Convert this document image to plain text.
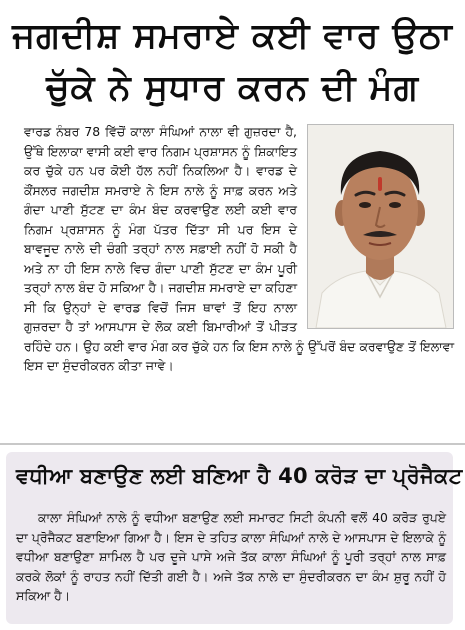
ਜਗਦੀਸ਼ ਸਮਰਾਏ ਕਈ ਵਾਰ ਉਠਾ
ਚੁੱਕੇ ਨੇ ਸੁਧਾਰ ਕਰਨ ਦੀ ਮੰਗ

ਵਾਰਡ ਨੰਬਰ 78 ਵਿੱਚੋਂ ਕਾਲਾ ਸੰਘਿਆਂ ਨਾਲਾ ਵੀ ਗੁਜ਼ਰਦਾ ਹੈ, ਉੱਥੇ ਇਲਾਕਾ ਵਾਸੀ ਕਈ ਵਾਰ ਨਿਗਮ ਪ੍ਰਸ਼ਾਸਨ ਨੂੰ ਸ਼ਿਕਾਇਤ ਕਰ ਚੁੱਕੇ ਹਨ ਪਰ ਕੋਈ ਹੱਲ ਨਹੀਂ ਨਿਕਲਿਆ ਹੈ। ਵਾਰਡ ਦੇ ਕੌਂਸਲਰ ਜਗਦੀਸ਼ ਸਮਰਾਏ ਨੇ ਇਸ ਨਾਲੇ ਨੂੰ ਸਾਫ਼ ਕਰਨ ਅਤੇ ਗੰਦਾ ਪਾਣੀ ਸੁੱਟਣ ਦਾ ਕੰਮ ਬੰਦ ਕਰਵਾਉਣ ਲਈ ਕਈ ਵਾਰ ਨਿਗਮ ਪ੍ਰਸ਼ਾਸਨ ਨੂੰ ਮੰਗ ਪੱਤਰ ਦਿੱਤਾ ਸੀ ਪਰ ਇਸ ਦੇ ਬਾਵਜੂਦ ਨਾਲੇ ਦੀ ਚੰਗੀ ਤਰ੍ਹਾਂ ਨਾਲ ਸਫ਼ਾਈ ਨਹੀਂ ਹੋ ਸਕੀ ਹੈ ਅਤੇ ਨਾ ਹੀ ਇਸ ਨਾਲੇ ਵਿਚ ਗੰਦਾ ਪਾਣੀ ਸੁੱਟਣ ਦਾ ਕੰਮ ਪੂਰੀ ਤਰ੍ਹਾਂ ਨਾਲ ਬੰਦ ਹੋ ਸਕਿਆ ਹੈ। ਜਗਦੀਸ਼ ਸਮਰਾਏ ਦਾ ਕਹਿਣਾ ਸੀ ਕਿ ਉਨ੍ਹਾਂ ਦੇ ਵਾਰਡ ਵਿਚੋਂ ਜਿਸ ਥਾਵਾਂ ਤੋਂ ਇਹ ਨਾਲਾ ਗੁਜ਼ਰਦਾ ਹੈ ਤਾਂ ਆਸਪਾਸ ਦੇ ਲੋਕ ਕਈ ਬਿਮਾਰੀਆਂ ਤੋਂ ਪੀੜਤ ਰਹਿੰਦੇ ਹਨ। ਉਹ ਕਈ ਵਾਰ ਮੰਗ ਕਰ ਚੁੱਕੇ ਹਨ ਕਿ ਇਸ ਨਾਲੇ ਨੂੰ ਉੱਪਰੋਂ ਬੰਦ ਕਰਵਾਉਣ ਤੋਂ ਇਲਾਵਾ ਇਸ ਦਾ ਸੁੰਦਰੀਕਰਨ ਕੀਤਾ ਜਾਵੇ।

ਵਧੀਆ ਬਣਾਉਣ ਲਈ ਬਣਿਆ ਹੈ 40 ਕਰੋੜ ਦਾ ਪ੍ਰੋਜੈਕਟ

ਕਾਲਾ ਸੰਘਿਆਂ ਨਾਲੇ ਨੂੰ ਵਧੀਆ ਬਣਾਉਣ ਲਈ ਸਮਾਰਟ ਸਿਟੀ ਕੰਪਨੀ ਵਲੋਂ 40 ਕਰੋੜ ਰੁਪਏ ਦਾ ਪ੍ਰੋਜੈਕਟ ਬਣਾਇਆ ਗਿਆ ਹੈ। ਇਸ ਦੇ ਤਹਿਤ ਕਾਲਾ ਸੰਘਿਆਂ ਨਾਲੇ ਦੇ ਆਸਪਾਸ ਦੇ ਇਲਾਕੇ ਨੂੰ ਵਧੀਆ ਬਣਾਉਣਾ ਸ਼ਾਮਿਲ ਹੈ ਪਰ ਦੂਜੇ ਪਾਸੇ ਅਜੇ ਤੱਕ ਕਾਲਾ ਸੰਘਿਆਂ ਨੂੰ ਪੂਰੀ ਤਰ੍ਹਾਂ ਨਾਲ ਸਾਫ਼ ਕਰਕੇ ਲੋਕਾਂ ਨੂੰ ਰਾਹਤ ਨਹੀਂ ਦਿੱਤੀ ਗਈ ਹੈ। ਅਜੇ ਤੱਕ ਨਾਲੇ ਦਾ ਸੁੰਦਰੀਕਰਨ ਦਾ ਕੰਮ ਸ਼ੁਰੂ ਨਹੀਂ ਹੋ ਸਕਿਆ ਹੈ।
